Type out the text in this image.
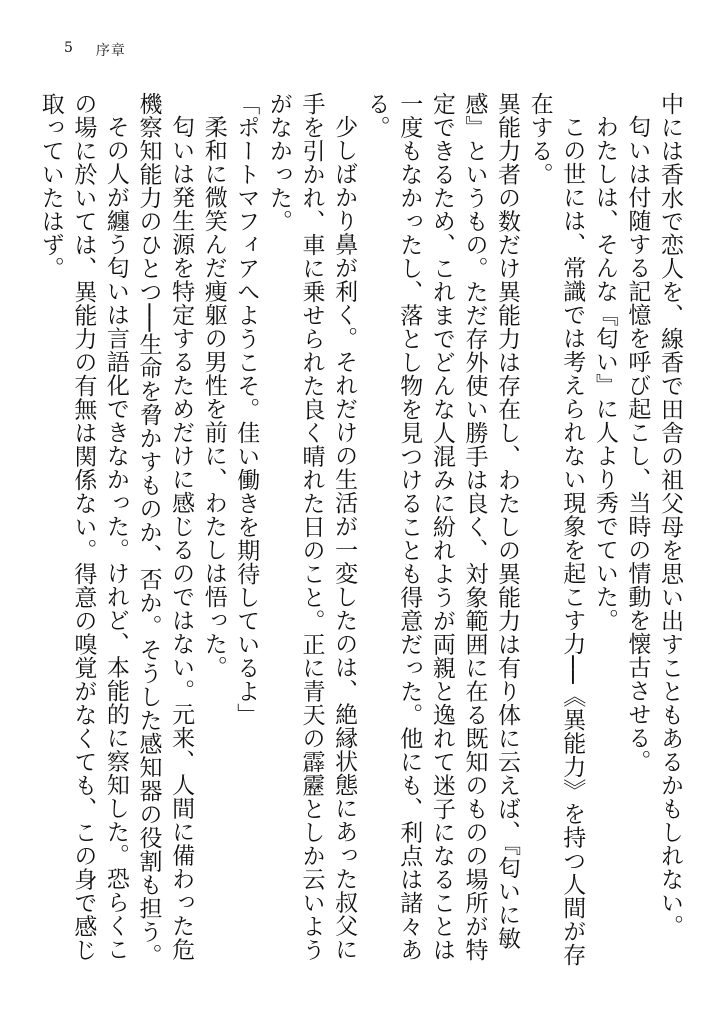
5 序章

中には香水で恋人を、線香で田舎の祖父母を思い出すこともあるかもしれない。

匂いは付随する記憶を呼び起こし、当時の情動を懐古させる。

わたしは、そんな『匂い』に人より秀でていた。

この世には、常識では考えられない現象を起こす力──《異能力》を持つ人間が存在する。

異能力者の数だけ異能力は存在し、わたしの異能力は有り体に云えば、『匂いに敏感』というもの。ただ存外使い勝手は良く、対象範囲に在る既知のものの場所が特定できるため、これまでどんな人混みに紛れようが両親と逸れて迷子になることは一度もなかったし、落とし物を見つけることも得意だった。他にも、利点は諸々ある。

少しばかり鼻が利く。それだけの生活が一変したのは、絶縁状態にあった叔父に手を引かれ、車に乗せられた良く晴れた日のこと。正に青天の霹靂としか云いようがなかった。

「ポートマフィアへようこそ。佳い働きを期待しているよ」

柔和に微笑んだ痩躯の男性を前に、わたしは悟った。

匂いは発生源を特定するためだけに感じるのではない。元来、人間に備わった危機察知能力のひとつ──生命を脅かすものか、否か。そうした感知器の役割も担う。

その人が纏う匂いは言語化できなかった。けれど、本能的に察知した。恐らくこの場に於いては、異能力の有無は関係ない。得意の嗅覚がなくても、この身で感じ取っていたはず。
